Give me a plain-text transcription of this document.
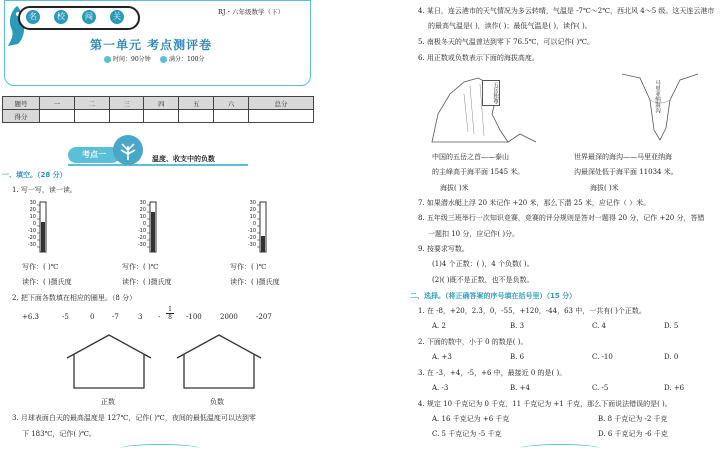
名	校	闯	关	RJ・六年级数学（下）
第一单元 考点测评卷
时间：90分钟	满分：100分
题号	一	二	三	四	五	六	总分
得分							
考点一	温度、收支中的负数
一、填空。（28 分）
1. 写一写，读一读。
30
20
10
0
-10
-20
-30
30
20
10
0
-10
-20
-30
30
20
10
0
-10
-20
-30
写作：( )℃	写作：( )℃	写作：( )℃
读作：( )摄氏度	读作：( )摄氏度	读作：( )摄氏度
2. 把下面各数填在相应的圈里。（8 分）
+6.3	-5	0	-7	$3 - \frac{1}{8} -100$	2000	-207
正数	负数
3. 月球表面白天的最高温度是 127℃，记作( )℃，夜间的最低温度可以达到零
下 183℃，记作( )℃。
4. 某日，连云港市的天气情况为多云转晴，气温是 -7℃～2℃，西北风 4～5 级。这天连云港市
的最高气温是( )，读作( )；最低气温是( )，读作( )。
5. 南极冬天的气温曾达到零下 76.5℃，可以记作( )℃。
6. 用正数或负数表示下面的海拔高度。
五岳独尊	马里亚纳海沟
中国的五岳之首——泰山
的主峰高于海平面 1545 米。
海拔( )米
世界最深的海沟——马里亚纳海
沟最深处低于海平面 11034 米。
海拔( )米
7. 如果潜水艇上浮 20 米记作 +20 米，那么下潜 25 米，应记作（ ）米。
8. 五年级三班举行一次知识竞赛，竞赛的评分规则是答对一题得 20 分，记作 +20 分，答错
一题扣 10 分，应记作( )分。
9. 按要求写数。
(1)4 个正数：( )，4 个负数( )。
(2)( )既不是正数，也不是负数。
二、选择。（将正确答案的序号填在括号里）（15 分）
1. 在 -8，+20，2.3，0，-55，+120，-44，63 中，一共有( )个正数。
A. 2	B. 3	C. 4	D. 5
2. 下面的数中，小于 0 的数是( )。
A. +3	B. 6	C. -10	D. 0
3. 在 -3，+4，-5，+6 中，最接近 0 的是( )。
A. -3	B. +4	C. -5	D. +6
4. 规定 10 千克记为 0 千克，11 千克记为 +1 千克，那么下面说法错误的是( )。
A. 16 千克记为 +6 千克	B. 8 千克记为 -2 千克
C. 5 千克记为 -5 千克	D. 6 千克记为 -6 千克
